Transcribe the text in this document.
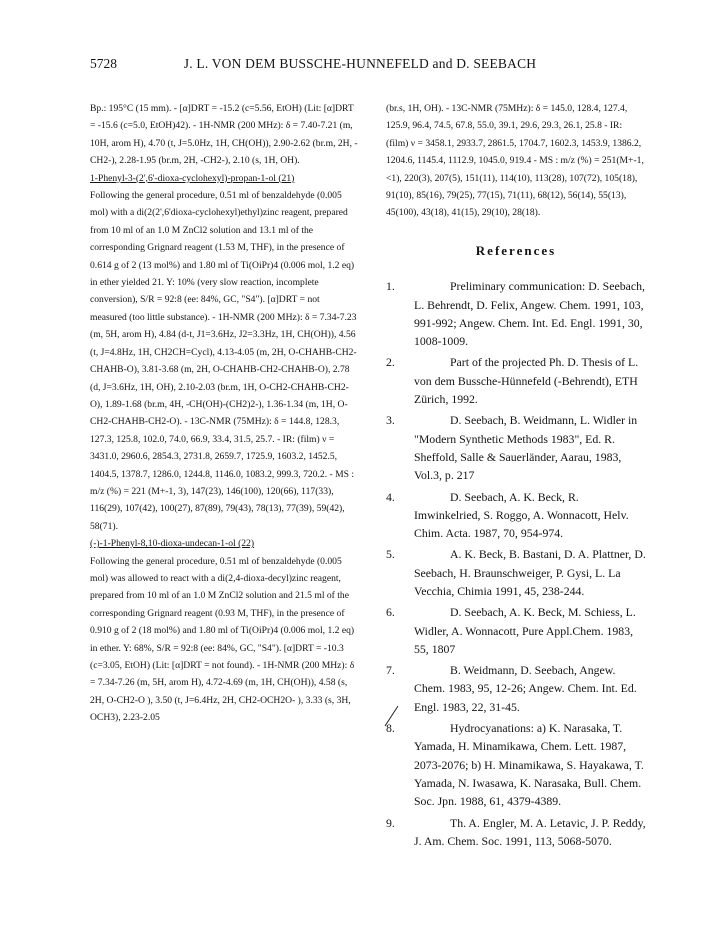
5728	J. L. VON DEM BUSSCHE-HUNNEFELD and D. SEEBACH

Bp.: 195°C (15 mm). - [α]DRT = -15.2 (c=5.56, EtOH) (Lit: [α]DRT = -15.6 (c=5.0, EtOH)42). - 1H-NMR (200 MHz): δ = 7.40-7.21 (m, 10H, arom H), 4.70 (t, J=5.0Hz, 1H, CH(OH)), 2.90-2.62 (br.m, 2H, -CH2-), 2.28-1.95 (br.m, 2H, -CH2-), 2.10 (s, 1H, OH).

1-Phenyl-3-(2',6'-dioxa-cyclohexyl)-propan-1-ol (21)

Following the general procedure, 0.51 ml of benzaldehyde (0.005 mol) with a di(2(2',6'dioxa-cyclohexyl)ethyl)zinc reagent, prepared from 10 ml of an 1.0 M ZnCl2 solution and 13.1 ml of the corresponding Grignard reagent (1.53 M, THF), in the presence of 0.614 g of 2 (13 mol%) and 1.80 ml of Ti(OiPr)4 (0.006 mol, 1.2 eq) in ether yielded 21. Y: 10% (very slow reaction, incomplete conversion), S/R = 92:8 (ee: 84%, GC, "S4"). [α]DRT = not measured (too little substance). - 1H-NMR (200 MHz): δ = 7.34-7.23 (m, 5H, arom H), 4.84 (d-t, J1=3.6Hz, J2=3.3Hz, 1H, CH(OH)), 4.56 (t, J=4.8Hz, 1H, CH2CH=Cycl), 4.13-4.05 (m, 2H, O-CHAHB-CH2-CHAHB-O), 3.81-3.68 (m, 2H, O-CHAHB-CH2-CHAHB-O), 2.78 (d, J=3.6Hz, 1H, OH), 2.10-2.03 (br.m, 1H, O-CH2-CHAHB-CH2-O), 1.89-1.68 (br.m, 4H, -CH(OH)-(CH2)2-), 1.36-1.34 (m, 1H, O-CH2-CHAHB-CH2-O). - 13C-NMR (75MHz): δ = 144.8, 128.3, 127.3, 125.8, 102.0, 74.0, 66.9, 33.4, 31.5, 25.7. - IR: (film) ν = 3431.0, 2960.6, 2854.3, 2731.8, 2659.7, 1725.9, 1603.2, 1452.5, 1404.5, 1378.7, 1286.0, 1244.8, 1146.0, 1083.2, 999.3, 720.2. - MS : m/z (%) = 221 (M+-1, 3), 147(23), 146(100), 120(66), 117(33), 116(29), 107(42), 100(27), 87(89), 79(43), 78(13), 77(39), 59(42), 58(71).

(-)-1-Phenyl-8,10-dioxa-undecan-1-ol (22)

Following the general procedure, 0.51 ml of benzaldehyde (0.005 mol) was allowed to react with a di(2,4-dioxa-decyl)zinc reagent, prepared from 10 ml of an 1.0 M ZnCl2 solution and 21.5 ml of the corresponding Grignard reagent (0.93 M, THF), in the presence of 0.910 g of 2 (18 mol%) and 1.80 ml of Ti(OiPr)4 (0.006 mol, 1.2 eq) in ether. Y: 68%, S/R = 92:8 (ee: 84%, GC, "S4"). [α]DRT = -10.3 (c=3.05, EtOH) (Lit: [α]DRT = not found). - 1H-NMR (200 MHz): δ = 7.34-7.26 (m, 5H, arom H), 4.72-4.69 (m, 1H, CH(OH)), 4.58 (s, 2H, O-CH2-O ), 3.50 (t, J=6.4Hz, 2H, CH2-OCH2O- ), 3.33 (s, 3H, OCH3), 2.23-2.05

(br.s, 1H, OH). - 13C-NMR (75MHz): δ = 145.0, 128.4, 127.4, 125.9, 96.4, 74.5, 67.8, 55.0, 39.1, 29.6, 29.3, 26.1, 25.8 - IR: (film) ν = 3458.1, 2933.7, 2861.5, 1704.7, 1602.3, 1453.9, 1386.2, 1204.6, 1145.4, 1112.9, 1045.0, 919.4 - MS : m/z (%) = 251(M+-1, <1), 220(3), 207(5), 151(11), 114(10), 113(28), 107(72), 105(18), 91(10), 85(16), 79(25), 77(15), 71(11), 68(12), 56(14), 55(13), 45(100), 43(18), 41(15), 29(10), 28(18).

References
1.	Preliminary communication: D. Seebach, L. Behrendt, D. Felix, Angew. Chem. 1991, 103, 991-992; Angew. Chem. Int. Ed. Engl. 1991, 30, 1008-1009.
2.	Part of the projected Ph. D. Thesis of L. von dem Bussche-Hünnefeld (-Behrendt), ETH Zürich, 1992.
3.	D. Seebach, B. Weidmann, L. Widler in "Modern Synthetic Methods 1983", Ed. R. Sheffold, Salle & Sauerländer, Aarau, 1983, Vol.3, p. 217
4.	D. Seebach, A. K. Beck, R. Imwinkelried, S. Roggo, A. Wonnacott, Helv. Chim. Acta. 1987, 70, 954-974.
5.	A. K. Beck, B. Bastani, D. A. Plattner, D. Seebach, H. Braunschweiger, P. Gysi, L. La Vecchia, Chimia 1991, 45, 238-244.
6.	D. Seebach, A. K. Beck, M. Schiess, L. Widler, A. Wonnacott, Pure Appl.Chem. 1983, 55, 1807
7.	B. Weidmann, D. Seebach, Angew. Chem. 1983, 95, 12-26; Angew. Chem. Int. Ed. Engl. 1983, 22, 31-45.
8.	Hydrocyanations: a) K. Narasaka, T. Yamada, H. Minamikawa, Chem. Lett. 1987, 2073-2076; b) H. Minamikawa, S. Hayakawa, T. Yamada, N. Iwasawa, K. Narasaka, Bull. Chem. Soc. Jpn. 1988, 61, 4379-4389.
9.	Th. A. Engler, M. A. Letavic, J. P. Reddy, J. Am. Chem. Soc. 1991, 113, 5068-5070.
